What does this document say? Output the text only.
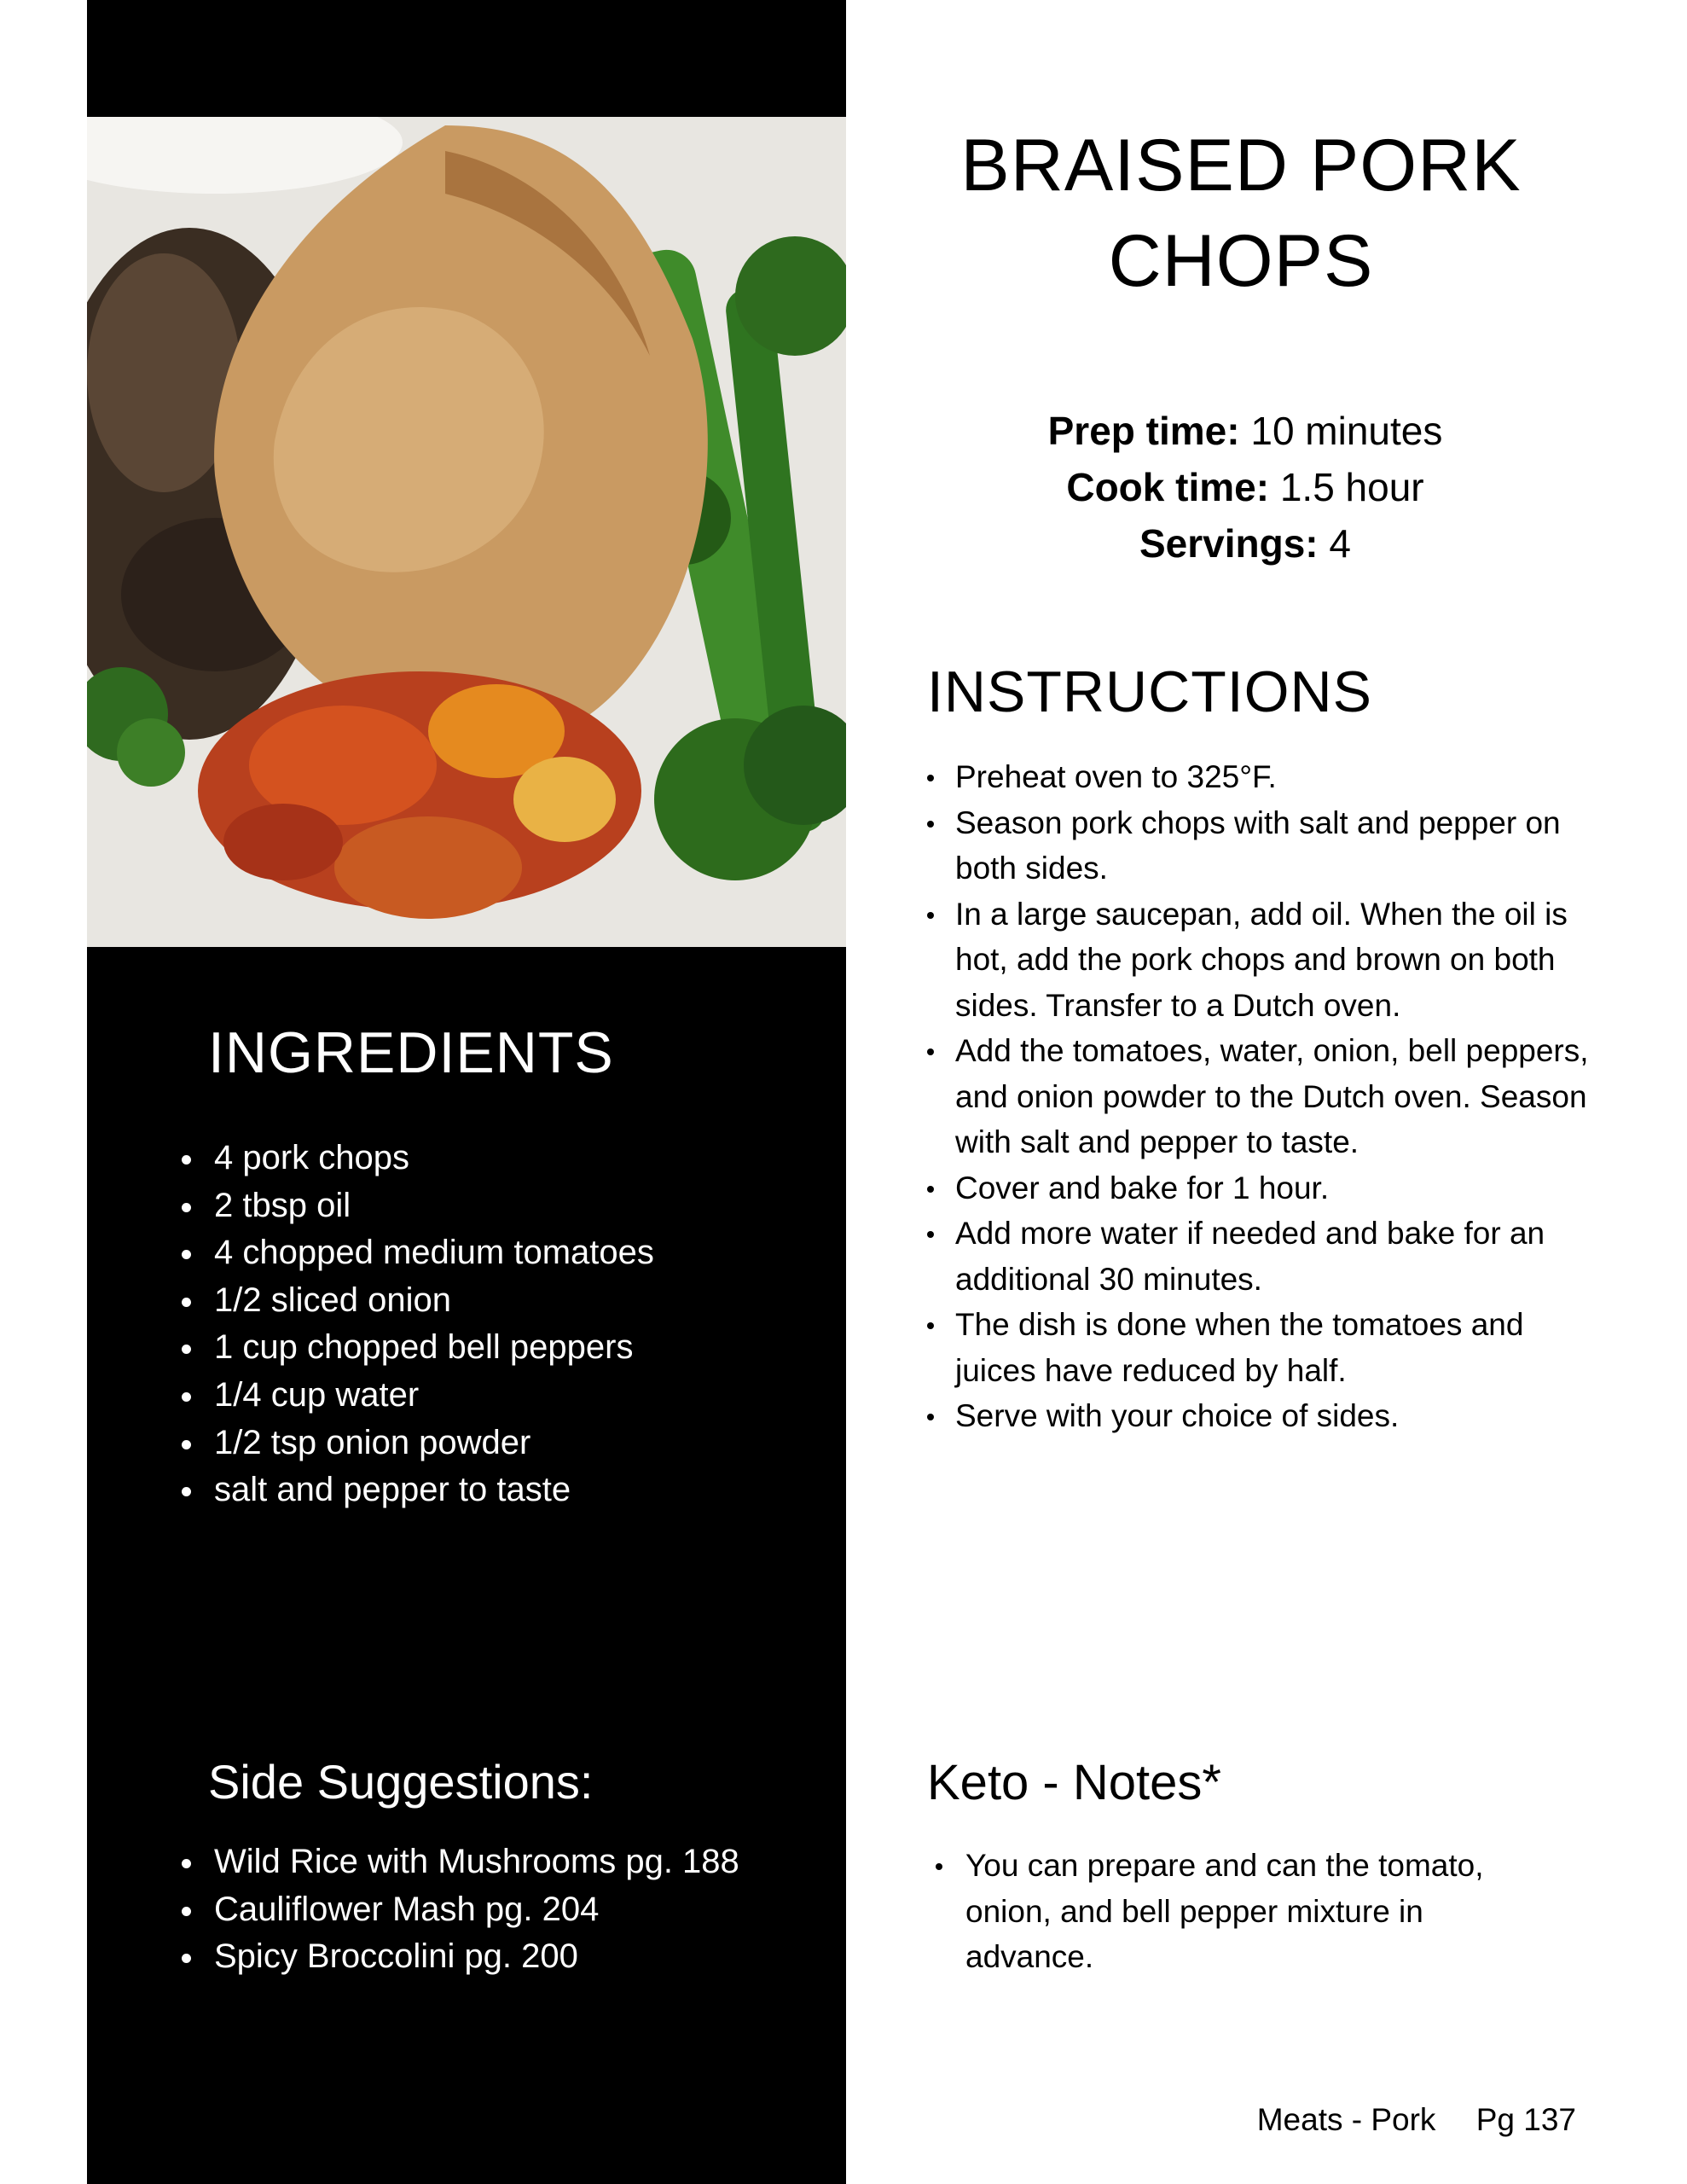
INGREDIENTS
4 pork chops
2 tbsp oil
4 chopped medium tomatoes
1/2 sliced onion
1 cup chopped bell peppers
1/4 cup water
1/2 tsp onion powder
salt and pepper to taste
Side Suggestions:
Wild Rice with Mushrooms pg. 188
Cauliflower Mash pg. 204
Spicy Broccolini pg. 200
BRAISED PORK
CHOPS
Prep time: 10 minutes
Cook time: 1.5 hour
Servings: 4
INSTRUCTIONS
Preheat oven to 325°F.
Season pork chops with salt and pepper on both sides.
In a large saucepan, add oil. When the oil is hot, add the pork chops and brown on both sides. Transfer to a Dutch oven.
Add the tomatoes, water, onion, bell peppers, and onion powder to the Dutch oven. Season with salt and pepper to taste.
Cover and bake for 1 hour.
Add more water if needed and bake for an additional 30 minutes.
The dish is done when the tomatoes and juices have reduced by half.
Serve with your choice of sides.
Keto - Notes*
You can prepare and can the tomato, onion, and bell pepper mixture in advance.
Meats - Pork Pg 137
